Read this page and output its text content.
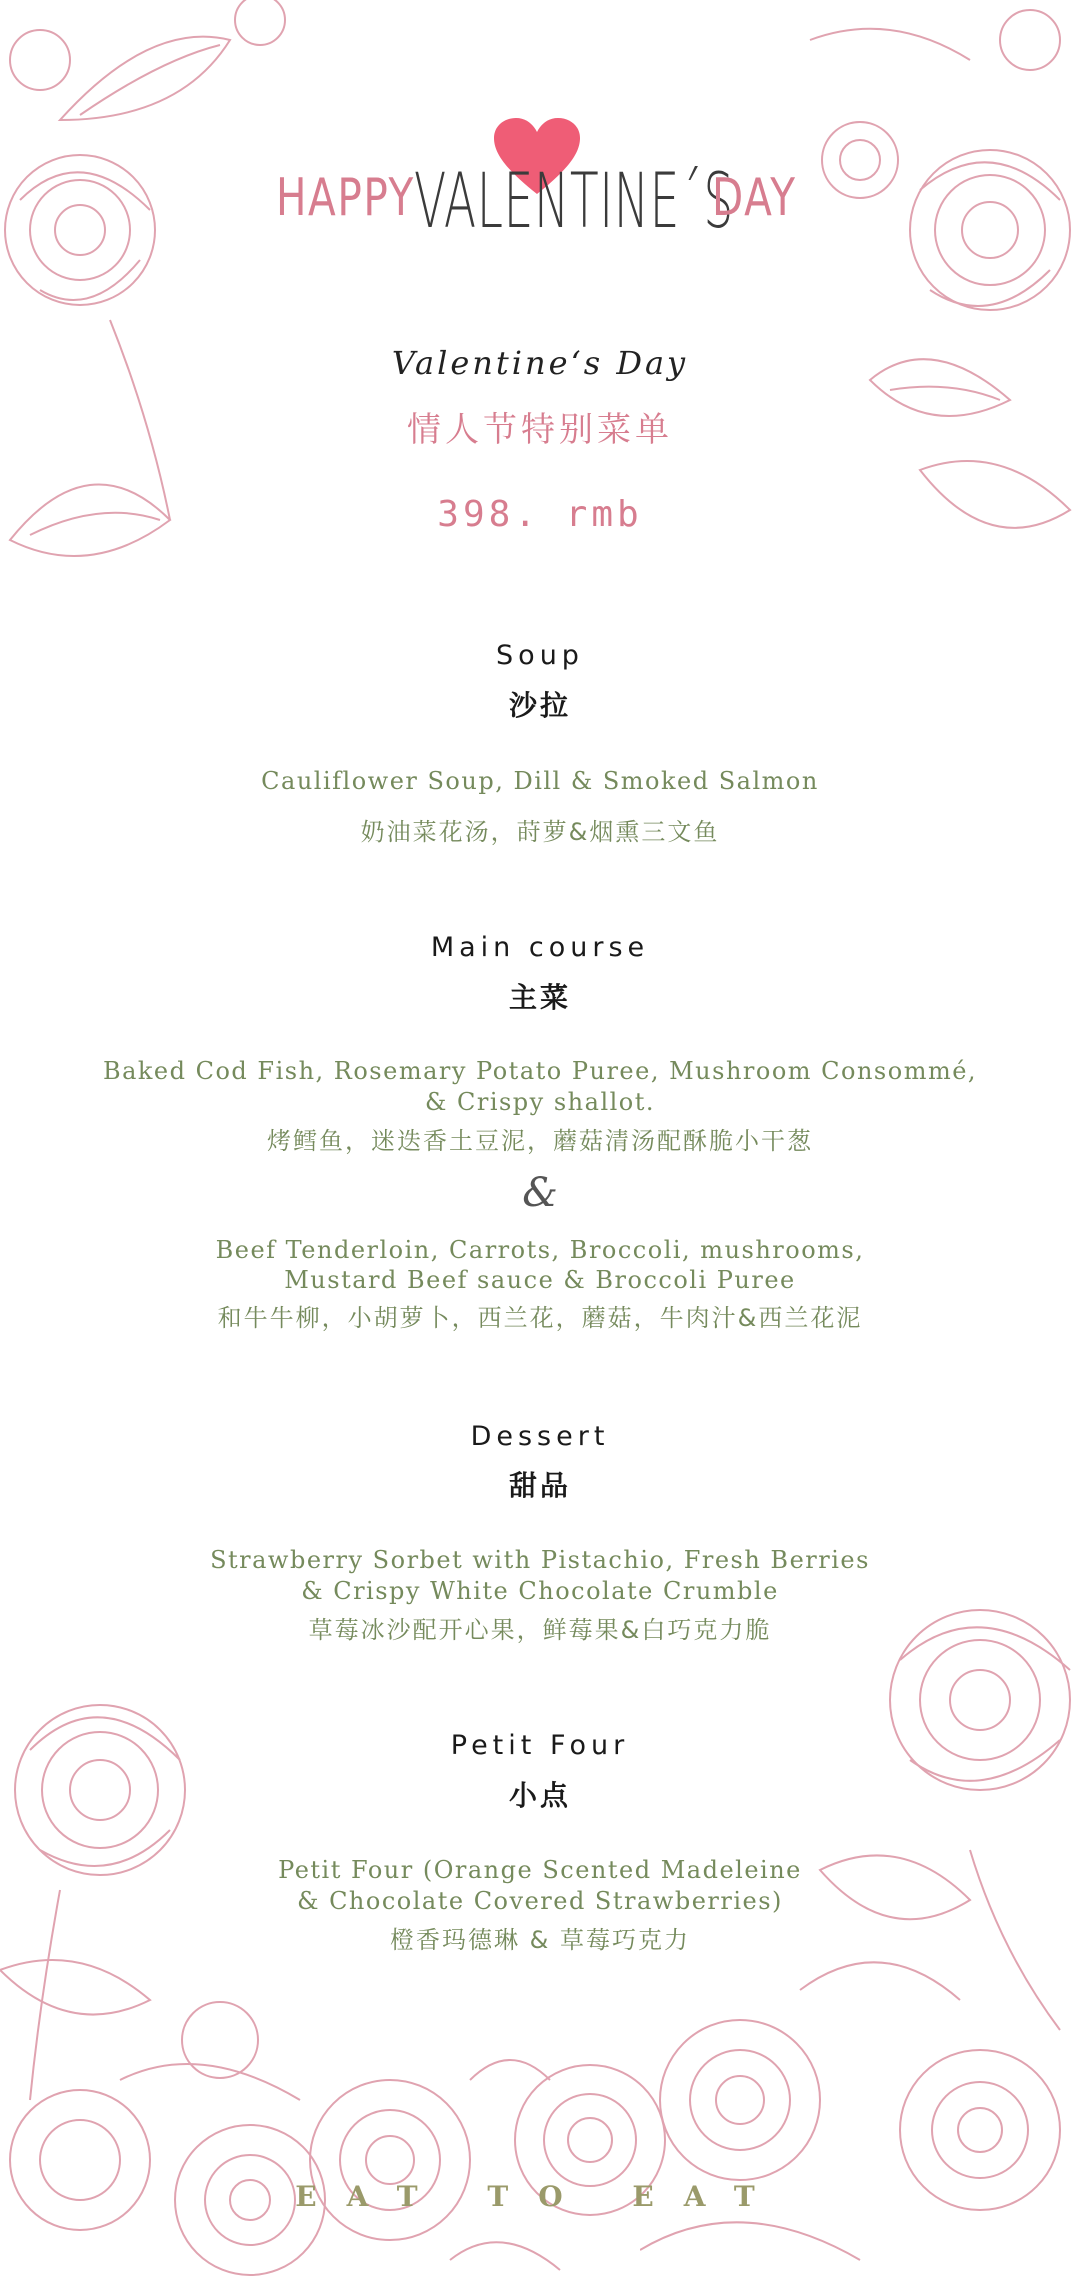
HAPPY VALENTINE´S
DAY
Valentine‘s Day
情人节特别菜单
398. rmb
Soup
沙拉
Cauliflower Soup, Dill & Smoked Salmon
奶油菜花汤，莳萝&烟熏三文鱼
Main course
主菜
Baked Cod Fish, Rosemary Potato Puree, Mushroom Consommé,
& Crispy shallot.
烤鳕鱼，迷迭香土豆泥，蘑菇清汤配酥脆小干葱
&
Beef Tenderloin, Carrots, Broccoli, mushrooms,
Mustard Beef sauce & Broccoli Puree
和牛牛柳，小胡萝卜，西兰花，蘑菇，牛肉汁&西兰花泥
Dessert
甜品
Strawberry Sorbet with Pistachio, Fresh Berries
& Crispy White Chocolate Crumble
草莓冰沙配开心果，鲜莓果&白巧克力脆
Petit Four
小点
Petit Four (Orange Scented Madeleine
& Chocolate Covered Strawberries)
橙香玛德琳 & 草莓巧克力
EAT TO EAT
